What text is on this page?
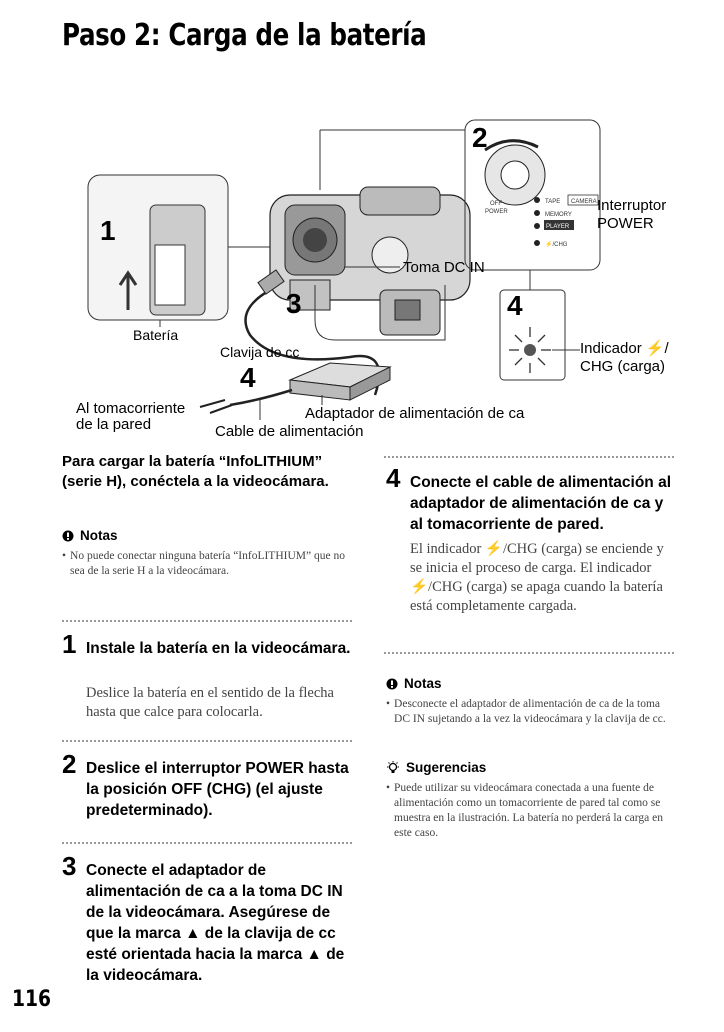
Paso 2: Carga de la batería
1
TAPE CAMERA
MEMORY
PLAYER
⚡/CHG
OFF
POWER
2
Interruptor
POWER
Toma DC IN
3	4
Indicador ⚡/
CHG (carga)
Batería
Clavija de cc
4
Al tomacorriente
de la pared
Adaptador de alimentación de ca
Cable de alimentación
Para cargar la batería “InfoLITHIUM” (serie H), conéctela a la videocámara.
Notas
• No puede conectar ninguna batería “InfoLITHIUM” que no sea de la serie H a la videocámara.
1 Instale la batería en la videocámara.
Deslice la batería en el sentido de la flecha hasta que calce para colocarla.
2 Deslice el interruptor POWER hasta la posición OFF (CHG) (el ajuste predeterminado).
3 Conecte el adaptador de alimentación de ca a la toma DC IN de la videocámara. Asegúrese de que la marca ▲ de la clavija de cc esté orientada hacia la marca ▲ de la videocámara.
4 Conecte el cable de alimentación al adaptador de alimentación de ca y al tomacorriente de pared.
El indicador ⚡/CHG (carga) se enciende y se inicia el proceso de carga. El indicador ⚡/CHG (carga) se apaga cuando la batería está completamente cargada.
Notas
• Desconecte el adaptador de alimentación de ca de la toma DC IN sujetando a la vez la videocámara y la clavija de cc.
Sugerencias
• Puede utilizar su videocámara conectada a una fuente de alimentación como un tomacorriente de pared tal como se muestra en la ilustración. La batería no perderá la carga en este caso.
116
